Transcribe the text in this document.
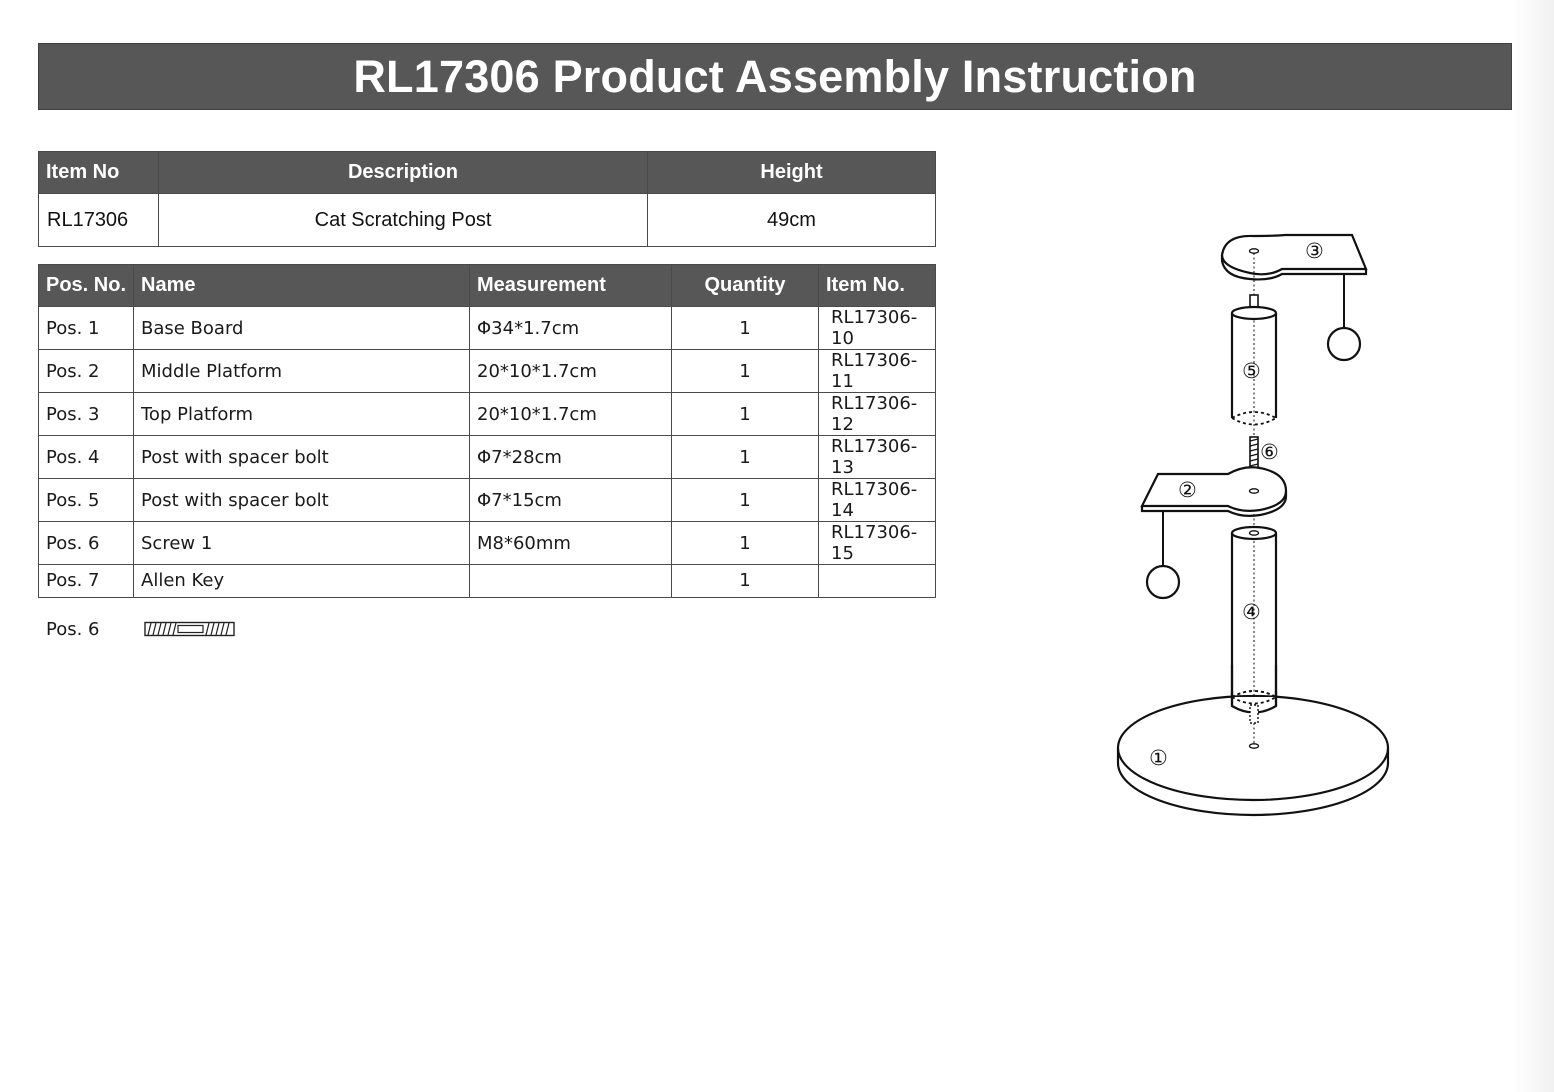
RL17306 Product Assembly Instruction
Item No	Description	Height
RL17306	Cat Scratching Post	49cm
Pos. No.	Name	Measurement	Quantity	Item No.
Pos. 1	Base Board	Φ34*1.7cm	1	RL17306-10
Pos. 2	Middle Platform	20*10*1.7cm	1	RL17306-11
Pos. 3	Top Platform	20*10*1.7cm	1	RL17306-12
Pos. 4	Post with spacer bolt	Φ7*28cm	1	RL17306-13
Pos. 5	Post with spacer bolt	Φ7*15cm	1	RL17306-14
Pos. 6	Screw 1	M8*60mm	1	RL17306-15
Pos. 7	Allen Key		1	
Pos. 6
③
⑤
⑥
②
④
①
